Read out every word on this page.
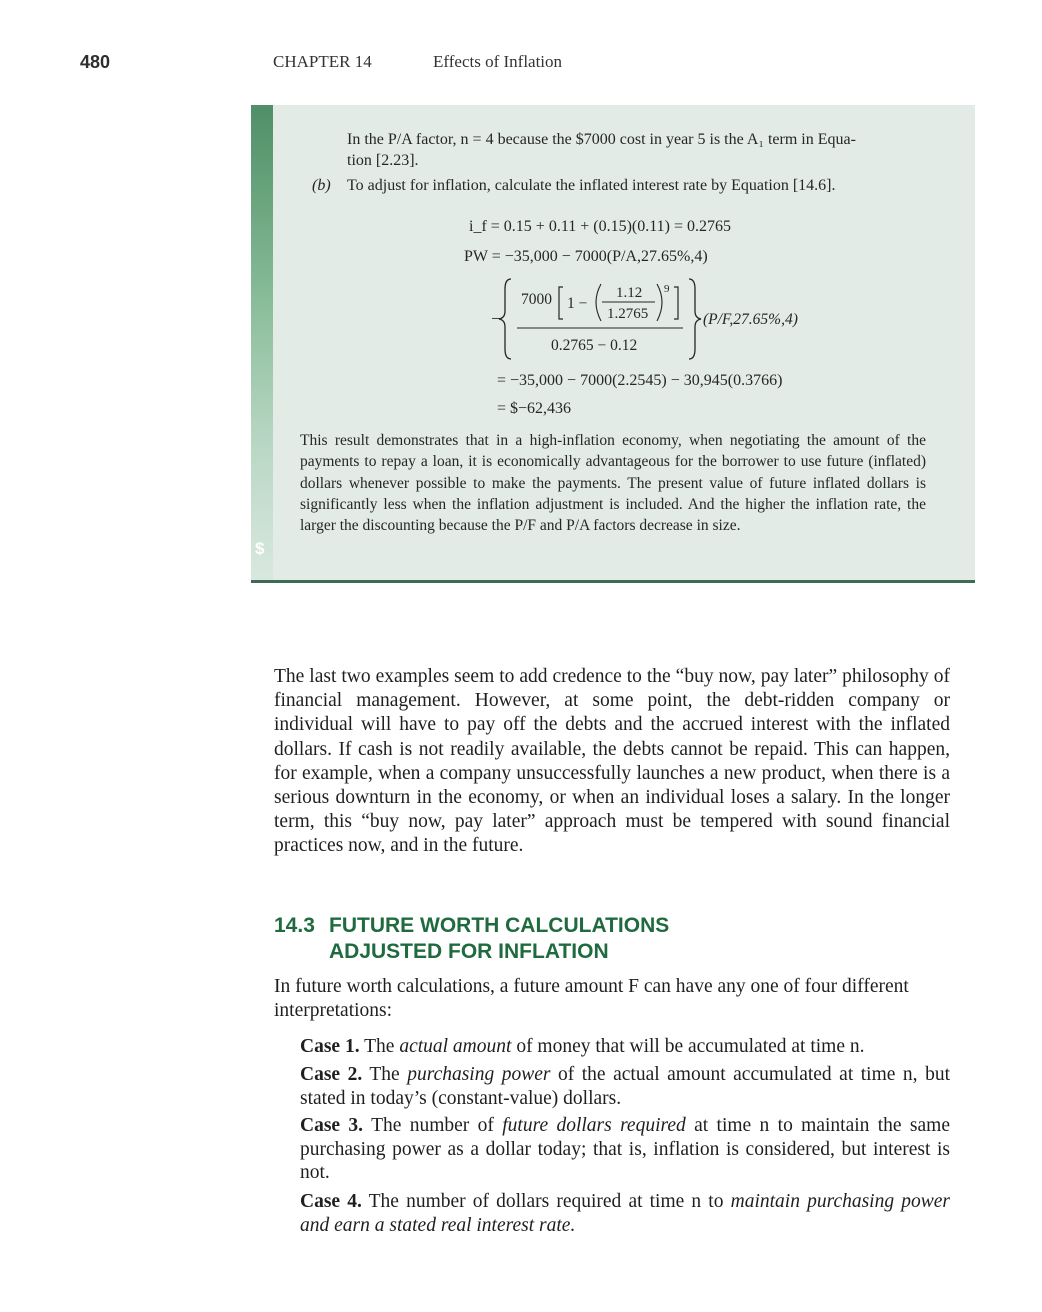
480	CHAPTER 14	Effects of Inflation
$
In the P/A factor, n = 4 because the $7000 cost in year 5 is the A₁ term in Equa-
tion [2.23].
(b) To adjust for inflation, calculate the inflated interest rate by Equation [14.6].
i_f = 0.15 + 0.11 + (0.15)(0.11) = 0.2765
PW = −35,000 − 7000(P/A,27.65%,4)
−
7000 1 −
1.12
1.2765
9
0.2765 − 0.12
(P/F,27.65%,4)
= −35,000 − 7000(2.2545) − 30,945(0.3766)
= $−62,436
This result demonstrates that in a high-inflation economy, when negotiating the amount of the payments to repay a loan, it is economically advantageous for the borrower to use future (inflated) dollars whenever possible to make the payments. The present value of future inflated dollars is significantly less when the inflation adjustment is included. And the higher the inflation rate, the larger the discounting because the P/F and P/A factors decrease in size.
The last two examples seem to add credence to the “buy now, pay later” philosophy of financial management. However, at some point, the debt-ridden company or individual will have to pay off the debts and the accrued interest with the inflated dollars. If cash is not readily available, the debts cannot be repaid. This can happen, for example, when a company unsuccessfully launches a new product, when there is a serious downturn in the economy, or when an individual loses a salary. In the longer term, this “buy now, pay later” approach must be tempered with sound financial practices now, and in the future.
14.3 FUTURE WORTH CALCULATIONS
ADJUSTED FOR INFLATION
In future worth calculations, a future amount F can have any one of four different interpretations:
Case 1. The actual amount of money that will be accumulated at time n.
Case 2. The purchasing power of the actual amount accumulated at time n, but stated in today’s (constant-value) dollars.
Case 3. The number of future dollars required at time n to maintain the same purchasing power as a dollar today; that is, inflation is considered, but interest is not.
Case 4. The number of dollars required at time n to maintain purchasing power and earn a stated real interest rate.
